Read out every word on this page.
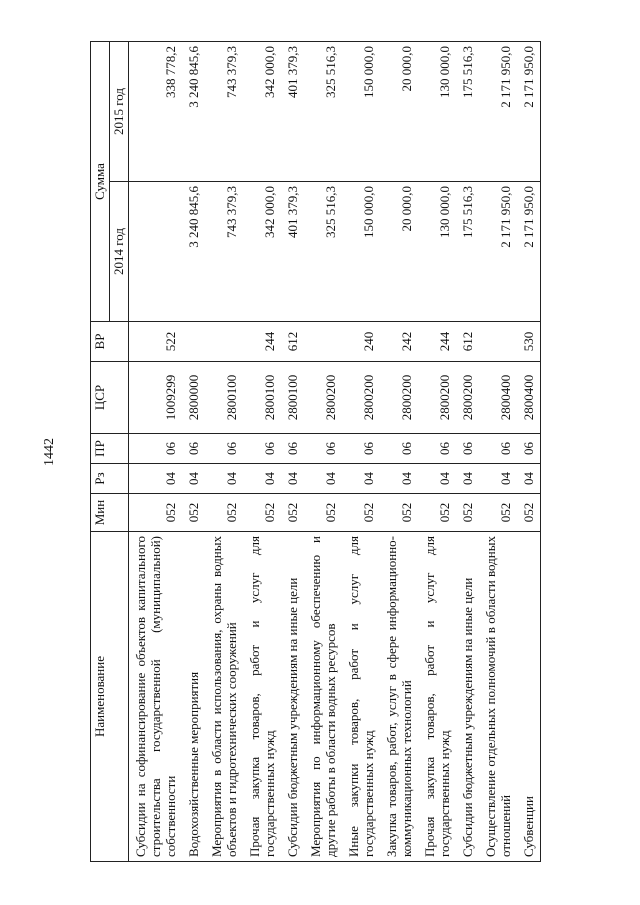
1442
Наименование	Мин	Рз	ПР	ЦСР	ВР	Сумма	
						2014 год	2015 год
Субсидии на софинансирование объектов капитального строительства государственной (муниципальной) собственности	052	04	06	1009299	522		338 778,2
Водохозяйственные мероприятия	052	04	06	2800000		3 240 845,6	3 240 845,6
Мероприятия в области использования, охраны водных объектов и гидротехнических сооружений	052	04	06	2800100		743 379,3	743 379,3
Прочая закупка товаров, работ и услуг для государственных нужд	052	04	06	2800100	244	342 000,0	342 000,0
Субсидии бюджетным учреждениям на иные цели	052	04	06	2800100	612	401 379,3	401 379,3
Мероприятия по информационному обеспечению и другие работы в области водных ресурсов	052	04	06	2800200		325 516,3	325 516,3
Иные закупки товаров, работ и услуг для государственных нужд	052	04	06	2800200	240	150 000,0	150 000,0
Закупка товаров, работ, услуг в сфере информационно-коммуникационных технологий	052	04	06	2800200	242	20 000,0	20 000,0
Прочая закупка товаров, работ и услуг для государственных нужд	052	04	06	2800200	244	130 000,0	130 000,0
Субсидии бюджетным учреждениям на иные цели	052	04	06	2800200	612	175 516,3	175 516,3
Осуществление отдельных полномочий в области водных отношений	052	04	06	2800400		2 171 950,0	2 171 950,0
Субвенции	052	04	06	2800400	530	2 171 950,0	2 171 950,0
